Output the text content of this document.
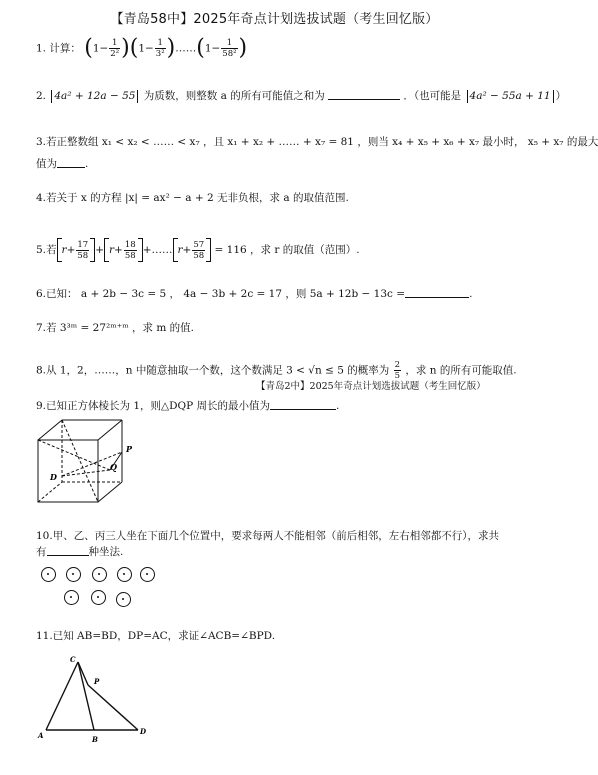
【青岛58中】2025年奇点计划选拔试题（考生回忆版）
1. 计算： $(1- \frac{1}{\text{2²}} )(1- \frac{1}{\text{3²}}$ )……(1− $\frac{1}{\text{58²}}$ )
2. 4a² + 12a − 55 为质数，则整数 a 的所有可能值之和为	．（也可能是 4a² − 55a + 11 ）
3.若正整数组 x₁ < x₂ < …… < x₇ ，且 x₁ + x₂ + …… + x₇ = 81 ，则当 x₄ + x₅ + x₆ + x₇ 最小时， x₅ + x₇ 的最大
值为	.
4.若关于 x 的方程 |x| = ax² − a + 2 无非负根，求 a 的取值范围.
5.若 $r+ \frac{17}{58} + r+ \frac{18}{58}$ +…… $r+ \frac{57}{58} = 116$ ，求 r 的取值（范围）.
6.已知： a + 2b − 3c = 5 ， 4a − 3b + 2c = 17 ，则 5a + 12b − 13c =	.
7.若 3³ᵐ = 27²ᵐ⁺ᵐ ，求 m 的值.
8.从 1，2，……，n 中随意抽取一个数，这个数满足 3 < √n ≤ 5 的概率为 $\frac{2}{5}$ ，求 n 的所有可能取值.
【青岛2中】2025年奇点计划选拔试题（考生回忆版）
9.已知正方体棱长为 1，则△DQP 周长的最小值为	.
D
Q
P
10.甲、乙、丙三人坐在下面几个位置中，要求每两人不能相邻（前后相邻，左右相邻都不行），求共
有	种坐法.
11.已知 AB=BD，DP=AC，求证∠ACB=∠BPD.
A	B
C
D
P
